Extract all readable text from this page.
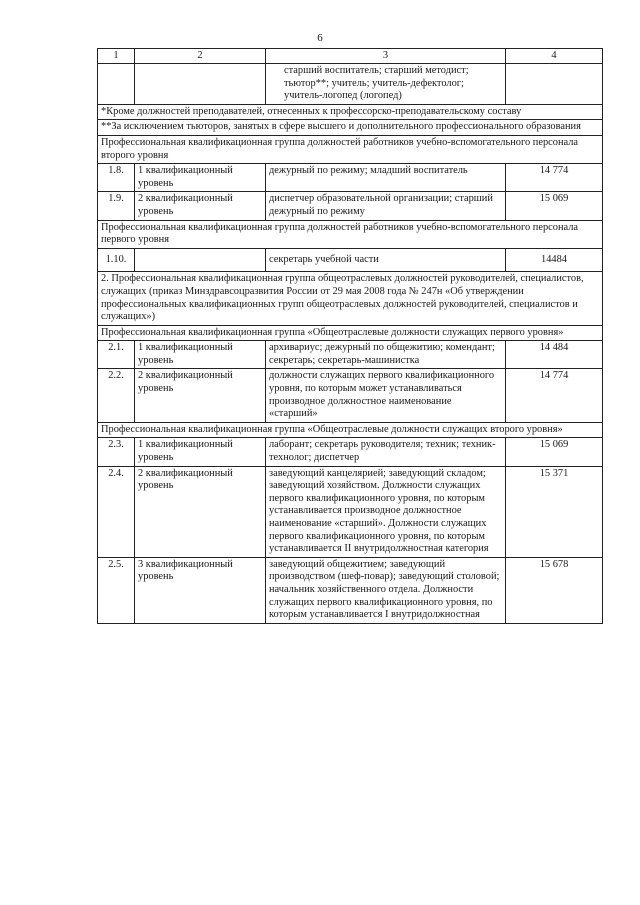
6
1	2	3	4
		старший воспитатель; старший методист; тьютор**; учитель; учитель-дефектолог; учитель-логопед (логопед)	
*Кроме должностей преподавателей, отнесенных к профессорско-преподавательскому составу			
**За исключением тьюторов, занятых в сфере высшего и дополнительного профессионального образования			
Профессиональная квалификационная группа должностей работников учебно-вспомогательного персонала второго уровня			
1.8.	1 квалификационный уровень	дежурный по режиму; младший воспитатель	14 774
1.9.	2 квалификационный уровень	диспетчер образовательной организации; старший дежурный по режиму	15 069
Профессиональная квалификационная группа должностей работников учебно-вспомогательного персонала первого уровня			
1.10.		секретарь учебной части	14484
2. Профессиональная квалификационная группа общеотраслевых должностей руководителей, специалистов, служащих (приказ Минздравсоцразвития России от 29 мая 2008 года № 247н «Об утверждении профессиональных квалификационных групп общеотраслевых должностей руководителей, специалистов и служащих»)			
Профессиональная квалификационная группа «Общеотраслевые должности служащих первого уровня»			
2.1.	1 квалификационный уровень	архивариус; дежурный по общежитию; комендант; секретарь; секретарь-машинистка	14 484
2.2.	2 квалификационный уровень	должности служащих первого квалификационного уровня, по которым может устанавливаться производное должностное наименование «старший»	14 774
Профессиональная квалификационная группа «Общеотраслевые должности служащих второго уровня»			
2.3.	1 квалификационный уровень	лаборант; секретарь руководителя; техник; техник-технолог; диспетчер	15 069
2.4.	2 квалификационный уровень	заведующий канцелярией; заведующий складом; заведующий хозяйством. Должности служащих первого квалификационного уровня, по которым устанавливается производное должностное наименование «старший». Должности служащих первого квалификационного уровня, по которым устанавливается II внутридолжностная категория	15 371
2.5.	3 квалификационный уровень	заведующий общежитием; заведующий производством (шеф-повар); заведующий столовой; начальник хозяйственного отдела. Должности служащих первого квалификационного уровня, по которым устанавливается I внутридолжностная	15 678
